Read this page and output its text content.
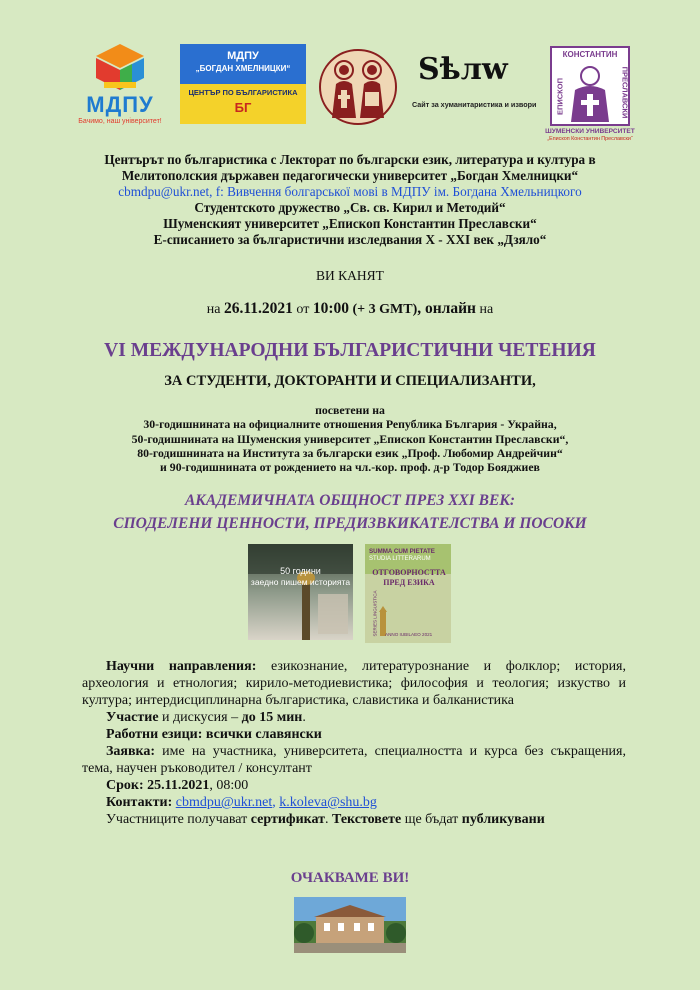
МДПУ
Бачимо, наш університет!
МДПУ
„БОГДАН ХМЕЛНИЦКИ“
ЦЕНТЪР ПО БЪЛГАРИСТИКА
БГ
Sѣлw
Сайт за хуманитаристика и извори
КОНСТАНТИН
ЕПИСКОП	ПРЕСЛАВСКИ
ШУМЕНСКИ УНИВЕРСИТЕТ
„Епископ Константин Преславски“
Центърът по българистика с Лекторат по български език, литература и култура в
Мелитополския държавен педагогически университет „Богдан Хмелницки“
cbmdpu@ukr.net, f: Вивчення болгарської мові в МДПУ ім. Богдана Хмельницкого
Студентското дружество „Св. св. Кирил и Методий“
Шуменският университет „Епископ Константин Преславски“
Е-списанието за българистични изследвания X - XXI век „Дзяло“
ВИ КАНЯТ
на 26.11.2021 от 10:00 (+ 3 GMT), онлайн на
VI МЕЖДУНАРОДНИ БЪЛГАРИСТИЧНИ ЧЕТЕНИЯ
ЗА СТУДЕНТИ, ДОКТОРАНТИ И СПЕЦИАЛИЗАНТИ,
посветени на
30-годишнината на официалните отношения Република България - Украйна,
50-годишнината на Шуменския университет „Епископ Константин Преславски“,
80-годишнината на Института за български език „Проф. Любомир Андрейчин“
и 90-годишнината от рождението на чл.-кор. проф. д-р Тодор Бояджиев
АКАДЕМИЧНАТА ОБЩНОСТ ПРЕЗ XXI ВЕК:
СПОДЕЛЕНИ ЦЕННОСТИ, ПРЕДИЗВКИКАТЕЛСТВА И ПОСОКИ
50 години
заедно пишем историята
SUMMA CUM PIETATE
STUDIA LITTERARUM
ОТГОВОРНОСТТА
ПРЕД ЕЗИКА
SERIES LINGUISTICA ANNO IUBILAEO 2021
Научни направления: езикознание, литературознание и фолклор; история, археология и етнология; кирило-методиевистика; философия и теология; изкуство и култура; интердисциплинарна българистика, славистика и балканистика
Участие и дискусия – до 15 мин.
Работни езици: всички славянски
Заявка: име на участника, университета, специалността и курса без съкращения, тема, научен ръководител / консултант
Срок: 25.11.2021, 08:00
Контакти: cbmdpu@ukr.net, k.koleva@shu.bg
Участниците получават сертификат. Текстовете ще бъдат публикувани
ОЧАКВАМЕ ВИ!
